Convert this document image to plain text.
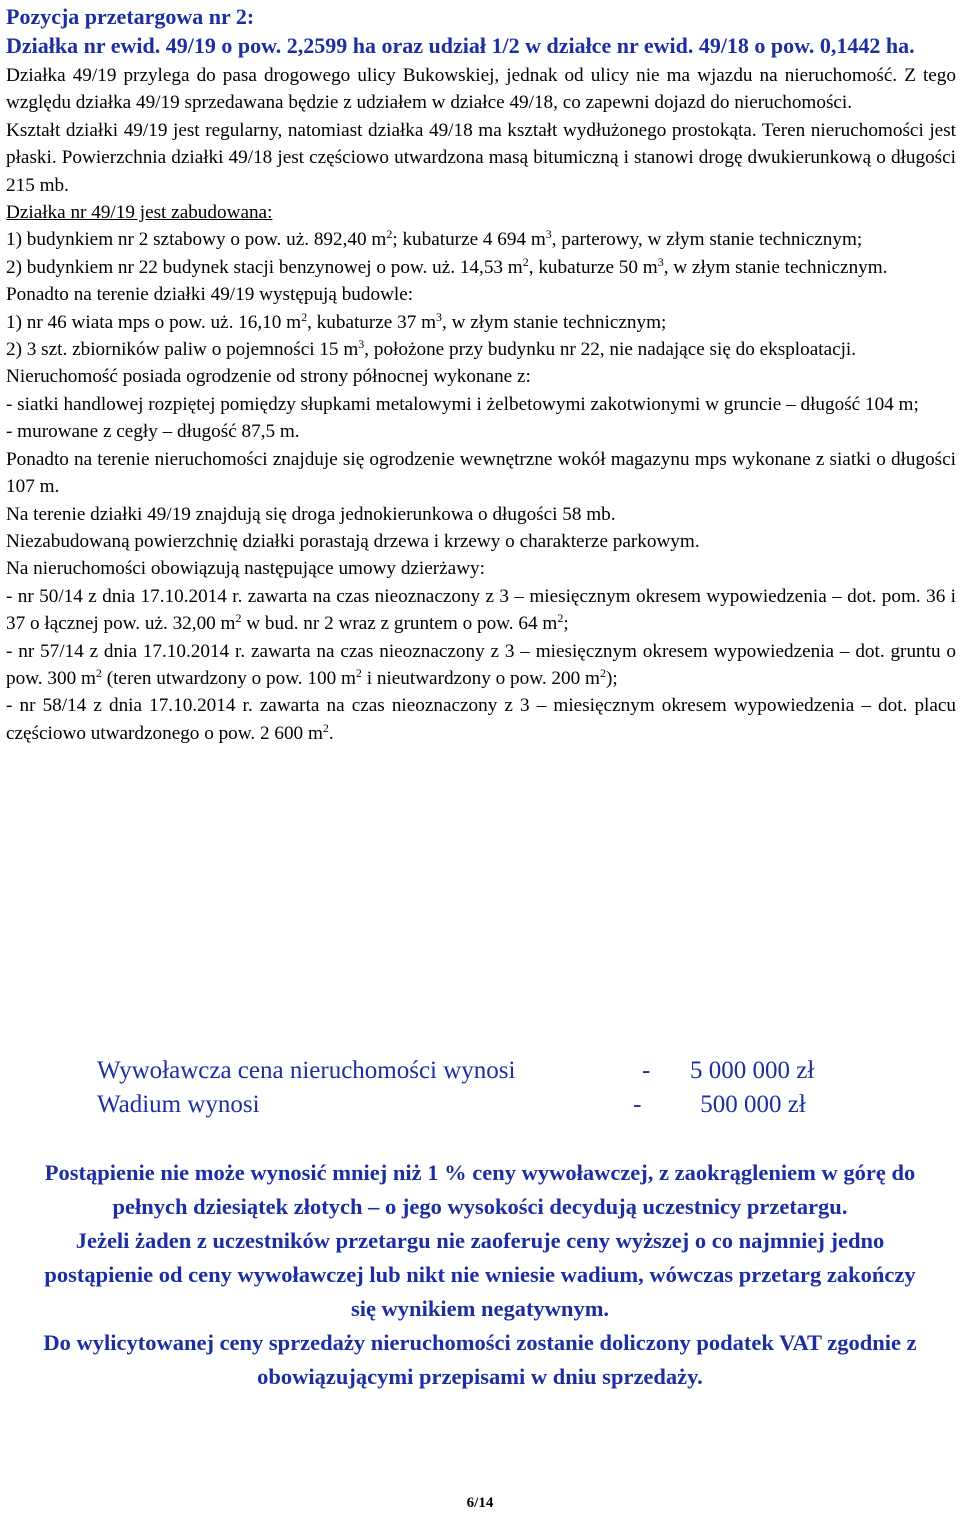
Pozycja przetargowa nr 2:
Działka nr ewid. 49/19 o pow. 2,2599 ha oraz udział 1/2 w działce nr ewid. 49/18 o pow. 0,1442 ha.

Działka 49/19 przylega do pasa drogowego ulicy Bukowskiej, jednak od ulicy nie ma wjazdu na nieruchomość. Z tego względu działka 49/19 sprzedawana będzie z udziałem w działce 49/18, co zapewni dojazd do nieruchomości.

Kształt działki 49/19 jest regularny, natomiast działka 49/18 ma kształt wydłużonego prostokąta. Teren nieruchomości jest płaski. Powierzchnia działki 49/18 jest częściowo utwardzona masą bitumiczną i stanowi drogę dwukierunkową o długości 215 mb.

Działka nr 49/19 jest zabudowana:

1) budynkiem nr 2 sztabowy o pow. uż. 892,40 $m^2$; kubaturze 4 694 $m^3$, parterowy, w złym stanie technicznym;

2) budynkiem nr 22 budynek stacji benzynowej o pow. uż. 14,53 $m^2$, kubaturze 50 $m^3$, w złym stanie technicznym.

Ponadto na terenie działki 49/19 występują budowle:

1) nr 46 wiata mps o pow. uż. 16,10 $m^2$, kubaturze 37 $m^3$, w złym stanie technicznym;

2) 3 szt. zbiorników paliw o pojemności 15 $m^3$, położone przy budynku nr 22, nie nadające się do eksploatacji.

Nieruchomość posiada ogrodzenie od strony północnej wykonane z:

- siatki handlowej rozpiętej pomiędzy słupkami metalowymi i żelbetowymi zakotwionymi w gruncie – długość 104 m;

- murowane z cegły – długość 87,5 m.

Ponadto na terenie nieruchomości znajduje się ogrodzenie wewnętrzne wokół magazynu mps wykonane z siatki o długości 107 m.

Na terenie działki 49/19 znajdują się droga jednokierunkowa o długości 58 mb.

Niezabudowaną powierzchnię działki porastają drzewa i krzewy o charakterze parkowym.

Na nieruchomości obowiązują następujące umowy dzierżawy:

- nr 50/14 z dnia 17.10.2014 r. zawarta na czas nieoznaczony z 3 – miesięcznym okresem wypowiedzenia – dot. pom. 36 i 37 o łącznej pow. uż. 32,00 $m^2$ w bud. nr 2 wraz z gruntem o pow. 64 $m^2$;

- nr 57/14 z dnia 17.10.2014 r. zawarta na czas nieoznaczony z 3 – miesięcznym okresem wypowiedzenia – dot. gruntu o pow. 300 $m^2$ (teren utwardzony o pow. 100 $m^2$ i nieutwardzony o pow. 200 $m^2$);

- nr 58/14 z dnia 17.10.2014 r. zawarta na czas nieoznaczony z 3 – miesięcznym okresem wypowiedzenia – dot. placu częściowo utwardzonego o pow. 2 600 $m^2$.

Wywoławcza cena nieruchomości wynosi	-	5 000 000 zł
Wadium wynosi	-	500 000 zł

Postąpienie nie może wynosić mniej niż 1 % ceny wywoławczej, z zaokrągleniem w górę do pełnych dziesiątek złotych – o jego wysokości decydują uczestnicy przetargu.

Jeżeli żaden z uczestników przetargu nie zaoferuje ceny wyższej o co najmniej jedno postąpienie od ceny wywoławczej lub nikt nie wniesie wadium, wówczas przetarg zakończy się wynikiem negatywnym.

Do wylicytowanej ceny sprzedaży nieruchomości zostanie doliczony podatek VAT zgodnie z obowiązującymi przepisami w dniu sprzedaży.

6/14
